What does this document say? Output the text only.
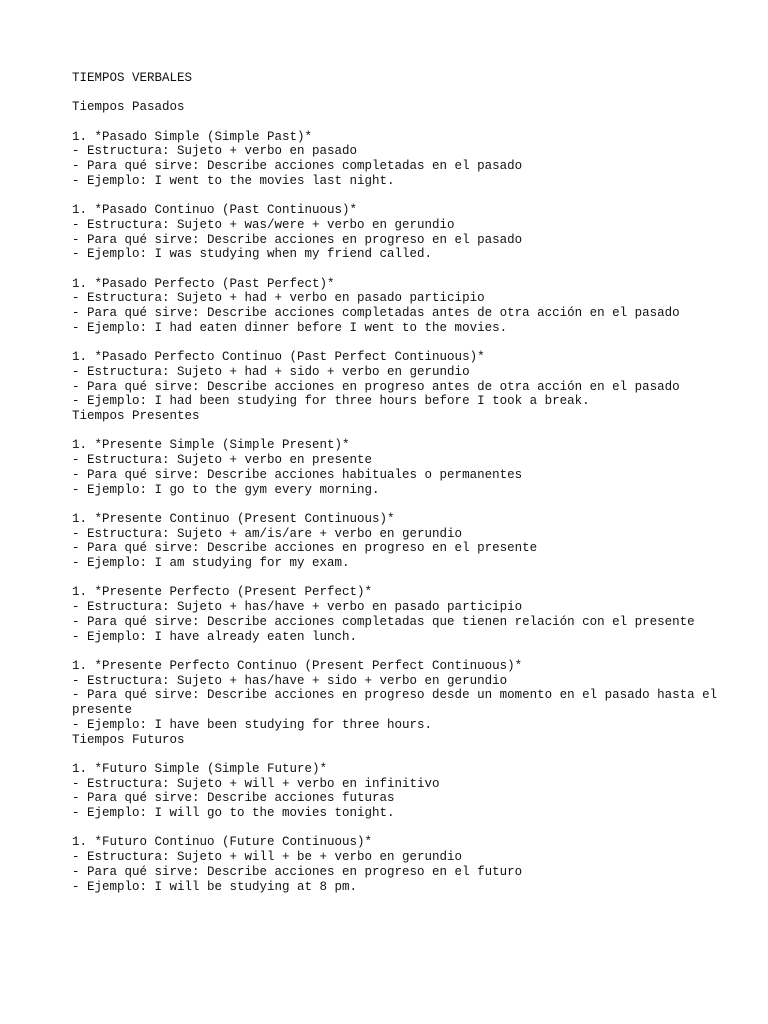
TIEMPOS VERBALES

Tiempos Pasados

1. *Pasado Simple (Simple Past)*

- Estructura: Sujeto + verbo en pasado

- Para qué sirve: Describe acciones completadas en el pasado

- Ejemplo: I went to the movies last night.

1. *Pasado Continuo (Past Continuous)*

- Estructura: Sujeto + was/were + verbo en gerundio

- Para qué sirve: Describe acciones en progreso en el pasado

- Ejemplo: I was studying when my friend called.

1. *Pasado Perfecto (Past Perfect)*

- Estructura: Sujeto + had + verbo en pasado participio

- Para qué sirve: Describe acciones completadas antes de otra acción en el pasado

- Ejemplo: I had eaten dinner before I went to the movies.

1. *Pasado Perfecto Continuo (Past Perfect Continuous)*

- Estructura: Sujeto + had + sido + verbo en gerundio

- Para qué sirve: Describe acciones en progreso antes de otra acción en el pasado

- Ejemplo: I had been studying for three hours before I took a break.

Tiempos Presentes

1. *Presente Simple (Simple Present)*

- Estructura: Sujeto + verbo en presente

- Para qué sirve: Describe acciones habituales o permanentes

- Ejemplo: I go to the gym every morning.

1. *Presente Continuo (Present Continuous)*

- Estructura: Sujeto + am/is/are + verbo en gerundio

- Para qué sirve: Describe acciones en progreso en el presente

- Ejemplo: I am studying for my exam.

1. *Presente Perfecto (Present Perfect)*

- Estructura: Sujeto + has/have + verbo en pasado participio

- Para qué sirve: Describe acciones completadas que tienen relación con el presente

- Ejemplo: I have already eaten lunch.

1. *Presente Perfecto Continuo (Present Perfect Continuous)*

- Estructura: Sujeto + has/have + sido + verbo en gerundio

- Para qué sirve: Describe acciones en progreso desde un momento en el pasado hasta el presente

- Ejemplo: I have been studying for three hours.

Tiempos Futuros

1. *Futuro Simple (Simple Future)*

- Estructura: Sujeto + will + verbo en infinitivo

- Para qué sirve: Describe acciones futuras

- Ejemplo: I will go to the movies tonight.

1. *Futuro Continuo (Future Continuous)*

- Estructura: Sujeto + will + be + verbo en gerundio

- Para qué sirve: Describe acciones en progreso en el futuro

- Ejemplo: I will be studying at 8 pm.
